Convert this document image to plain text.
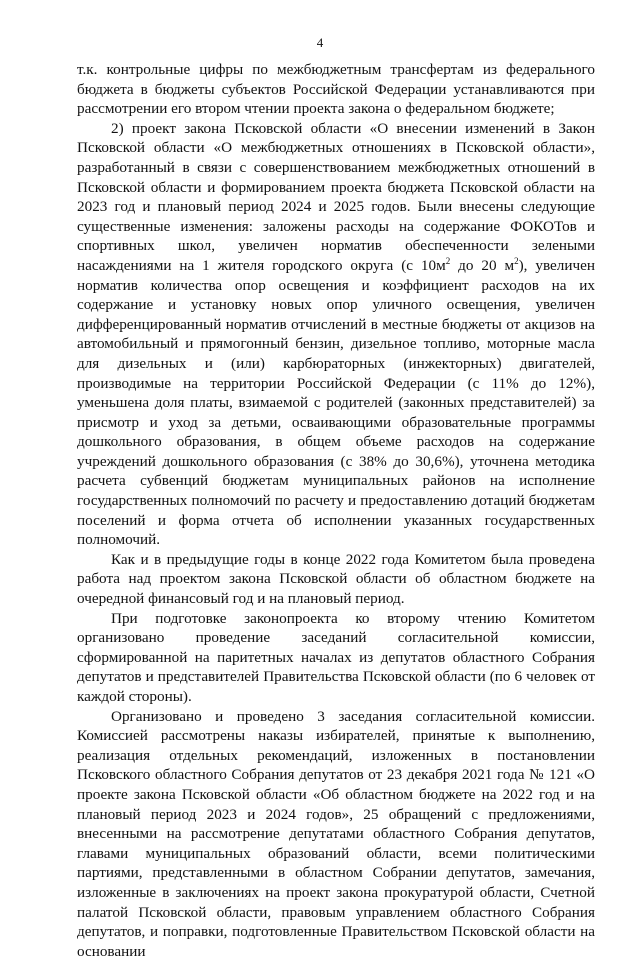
4

т.к. контрольные цифры по межбюджетным трансфертам из федерального бюджета в бюджеты субъектов Российской Федерации устанавливаются при рассмотрении его втором чтении проекта закона о федеральном бюджете;

2) проект закона Псковской области «О внесении изменений в Закон Псковской области «О межбюджетных отношениях в Псковской области», разработанный в связи с совершенствованием межбюджетных отношений в Псковской области и формированием проекта бюджета Псковской области на 2023 год и плановый период 2024 и 2025 годов. Были внесены следующие существенные изменения: заложены расходы на содержание ФОКОТов и спортивных школ, увеличен норматив обеспеченности зелеными насаждениями на 1 жителя городского округа (с $10м^2$ до 20 $м^2$), увеличен норматив количества опор освещения и коэффициент расходов на их содержание и установку новых опор уличного освещения, увеличен дифференцированный норматив отчислений в местные бюджеты от акцизов на автомобильный и прямогонный бензин, дизельное топливо, моторные масла для дизельных и (или) карбюраторных (инжекторных) двигателей, производимые на территории Российской Федерации (с 11% до 12%), уменьшена доля платы, взимаемой с родителей (законных представителей) за присмотр и уход за детьми, осваивающими образовательные программы дошкольного образования, в общем объеме расходов на содержание учреждений дошкольного образования (с 38% до 30,6%), уточнена методика расчета субвенций бюджетам муниципальных районов на исполнение государственных полномочий по расчету и предоставлению дотаций бюджетам поселений и форма отчета об исполнении указанных государственных полномочий.

Как и в предыдущие годы в конце 2022 года Комитетом была проведена работа над проектом закона Псковской области об областном бюджете на очередной финансовый год и на плановый период.

При подготовке законопроекта ко второму чтению Комитетом организовано проведение заседаний согласительной комиссии, сформированной на паритетных началах из депутатов областного Собрания депутатов и представителей Правительства Псковской области (по 6 человек от каждой стороны).

Организовано и проведено 3 заседания согласительной комиссии. Комиссией рассмотрены наказы избирателей, принятые к выполнению, реализация отдельных рекомендаций, изложенных в постановлении Псковского областного Собрания депутатов от 23 декабря 2021 года № 121 «О проекте закона Псковской области «Об областном бюджете на 2022 год и на плановый период 2023 и 2024 годов», 25 обращений с предложениями, внесенными на рассмотрение депутатами областного Собрания депутатов, главами муниципальных образований области, всеми политическими партиями, представленными в областном Собрании депутатов, замечания, изложенные в заключениях на проект закона прокуратурой области, Счетной палатой Псковской области, правовым управлением областного Собрания депутатов, и поправки, подготовленные Правительством Псковской области на основании
